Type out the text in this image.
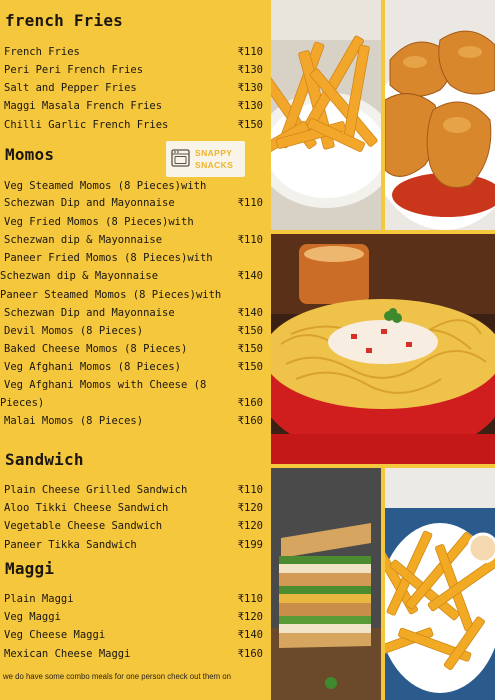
french Fries
French Fries	₹110
Peri Peri French Fries	₹130
Salt and Pepper Fries	₹130
Maggi Masala French Fries	₹130
Chilli Garlic French Fries	₹150
SNAPPY
SNACKS
Momos
Veg Steamed Momos (8 Pieces)with
Schezwan Dip and Mayonnaise	₹110
Veg Fried Momos (8 Pieces)with
Schezwan dip & Mayonnaise	₹110
Paneer Fried Momos (8 Pieces)with
Schezwan dip & Mayonnaise	₹140
Paneer Steamed Momos (8 Pieces)with
Schezwan Dip and Mayonnaise	₹140
Devil Momos (8 Pieces)	₹150
Baked Cheese Momos (8 Pieces)	₹150
Veg Afghani Momos (8 Pieces)	₹150
Veg Afghani Momos with Cheese (8
Pieces)	₹160
Malai Momos (8 Pieces)	₹160
Sandwich
Plain Cheese Grilled Sandwich	₹110
Aloo Tikki Cheese Sandwich	₹120
Vegetable Cheese Sandwich	₹120
Paneer Tikka Sandwich	₹199
Maggi
Plain Maggi	₹110
Veg Maggi	₹120
Veg Cheese Maggi	₹140
Mexican Cheese Maggi	₹160
we do have some combo meals for one person check out them on
